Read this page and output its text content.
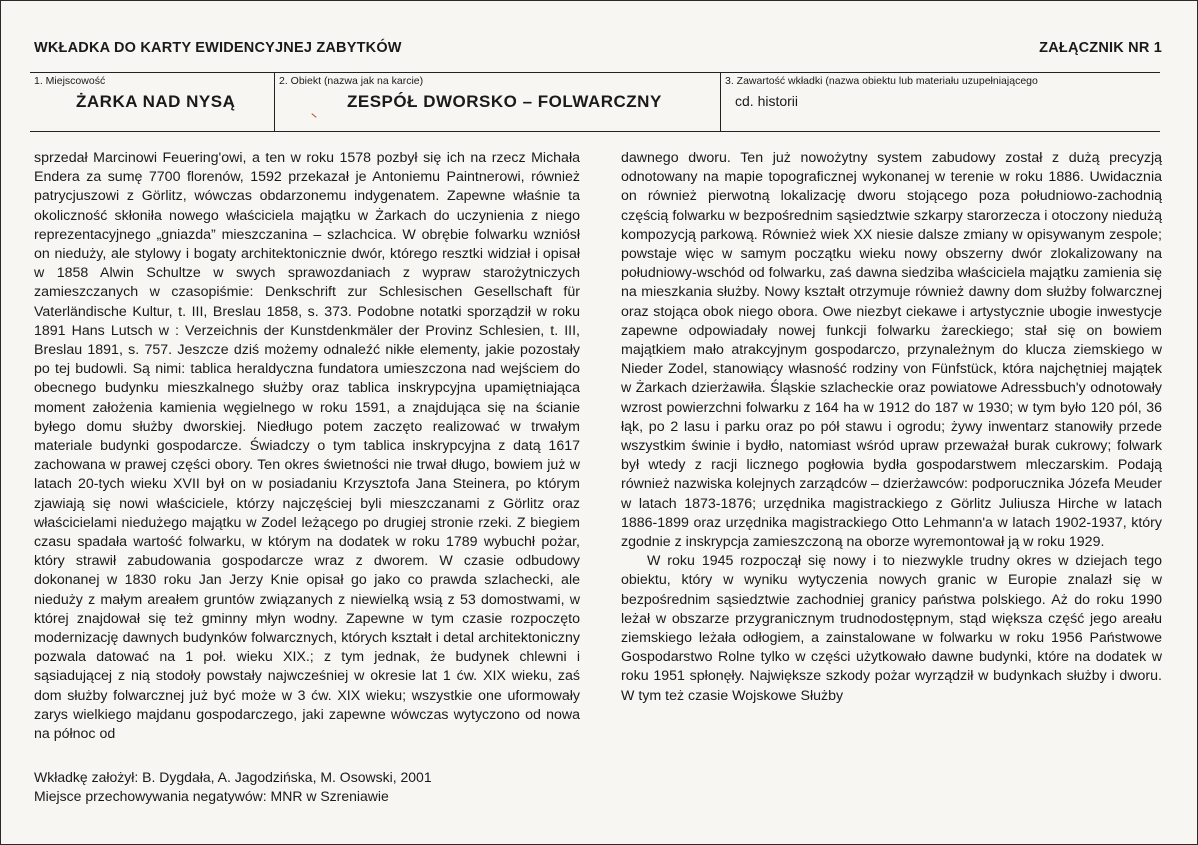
WKŁADKA DO KARTY EWIDENCYJNEJ ZABYTKÓW	ZAŁĄCZNIK NR 1
1. Miejscowość
ŻARKA NAD NYSĄ
2. Obiekt (nazwa jak na karcie)
ZESPÓŁ DWORSKO – FOLWARCZNY
3. Zawartość wkładki (nazwa obiektu lub materiału uzupełniającego
cd. historii

sprzedał Marcinowi Feuering'owi, a ten w roku 1578 pozbył się ich na rzecz Michała Endera za sumę 7700 florenów, 1592 przekazał je Antoniemu Paintnerowi, również patrycjuszowi z Görlitz, wówczas obdarzonemu indygenatem. Zapewne właśnie ta okoliczność skłoniła nowego właściciela majątku w Żarkach do uczynienia z niego reprezentacyjnego „gniazda” mieszczanina – szlachcica. W obrębie folwarku wzniósł on nieduży, ale stylowy i bogaty architektonicznie dwór, którego resztki widział i opisał w 1858 Alwin Schultze w swych sprawozdaniach z wypraw starożytniczych zamieszczanych w czasopiśmie: Denkschrift zur Schlesischen Gesellschaft für Vaterländische Kultur, t. III, Breslau 1858, s. 373. Podobne notatki sporządził w roku 1891 Hans Lutsch w : Verzeichnis der Kunstdenkmäler der Provinz Schlesien, t. III, Breslau 1891, s. 757. Jeszcze dziś możemy odnaleźć nikłe elementy, jakie pozostały po tej budowli. Są nimi: tablica heraldyczna fundatora umieszczona nad wejściem do obecnego budynku mieszkalnego służby oraz tablica inskrypcyjna upamiętniająca moment założenia kamienia węgielnego w roku 1591, a znajdująca się na ścianie byłego domu służby dworskiej. Niedługo potem zaczęto realizować w trwałym materiale budynki gospodarcze. Świadczy o tym tablica inskrypcyjna z datą 1617 zachowana w prawej części obory. Ten okres świetności nie trwał długo, bowiem już w latach 20-tych wieku XVII był on w posiadaniu Krzysztofa Jana Steinera, po którym zjawiają się nowi właściciele, którzy najczęściej byli mieszczanami z Görlitz oraz właścicielami niedużego majątku w Zodel leżącego po drugiej stronie rzeki. Z biegiem czasu spadała wartość folwarku, w którym na dodatek w roku 1789 wybuchł pożar, który strawił zabudowania gospodarcze wraz z dworem. W czasie odbudowy dokonanej w 1830 roku Jan Jerzy Knie opisał go jako co prawda szlachecki, ale nieduży z małym areałem gruntów związanych z niewielką wsią z 53 domostwami, w której znajdował się też gminny młyn wodny. Zapewne w tym czasie rozpoczęto modernizację dawnych budynków folwarcznych, których kształt i detal architektoniczny pozwala datować na 1 poł. wieku XIX.; z tym jednak, że budynek chlewni i sąsiadującej z nią stodoły powstały najwcześniej w okresie lat 1 ćw. XIX wieku, zaś dom służby folwarcznej już być może w 3 ćw. XIX wieku; wszystkie one uformowały zarys wielkiego majdanu gospodarczego, jaki zapewne wówczas wytyczono od nowa na północ od

dawnego dworu. Ten już nowożytny system zabudowy został z dużą precyzją odnotowany na mapie topograficznej wykonanej w terenie w roku 1886. Uwidacznia on również pierwotną lokalizację dworu stojącego poza południowo-zachodnią częścią folwarku w bezpośrednim sąsiedztwie szkarpy starorzecza i otoczony niedużą kompozycją parkową. Również wiek XX niesie dalsze zmiany w opisywanym zespole; powstaje więc w samym początku wieku nowy obszerny dwór zlokalizowany na południowy-wschód od folwarku, zaś dawna siedziba właściciela majątku zamienia się na mieszkania służby. Nowy kształt otrzymuje również dawny dom służby folwarcznej oraz stojąca obok niego obora. Owe niezbyt ciekawe i artystycznie ubogie inwestycje zapewne odpowiadały nowej funkcji folwarku żareckiego; stał się on bowiem majątkiem mało atrakcyjnym gospodarczo, przynależnym do klucza ziemskiego w Nieder Zodel, stanowiący własność rodziny von Fünfstück, która najchętniej majątek w Żarkach dzierżawiła. Śląskie szlacheckie oraz powiatowe Adressbuch'y odnotowały wzrost powierzchni folwarku z 164 ha w 1912 do 187 w 1930; w tym było 120 pól, 36 łąk, po 2 lasu i parku oraz po pół stawu i ogrodu; żywy inwentarz stanowiły przede wszystkim świnie i bydło, natomiast wśród upraw przeważał burak cukrowy; folwark był wtedy z racji licznego pogłowia bydła gospodarstwem mleczarskim. Podają również nazwiska kolejnych zarządców – dzierżawców: podporucznika Józefa Meuder w latach 1873-1876; urzędnika magistrackiego z Görlitz Juliusza Hirche w latach 1886-1899 oraz urzędnika magistrackiego Otto Lehmann'a w latach 1902-1937, który zgodnie z inskrypcja zamieszczoną na oborze wyremontował ją w roku 1929.

W roku 1945 rozpoczął się nowy i to niezwykle trudny okres w dziejach tego obiektu, który w wyniku wytyczenia nowych granic w Europie znalazł się w bezpośrednim sąsiedztwie zachodniej granicy państwa polskiego. Aż do roku 1990 leżał w obszarze przygranicznym trudnodostępnym, stąd większa część jego areału ziemskiego leżała odłogiem, a zainstalowane w folwarku w roku 1956 Państwowe Gospodarstwo Rolne tylko w części użytkowało dawne budynki, które na dodatek w roku 1951 spłonęły. Największe szkody pożar wyrządził w budynkach służby i dworu. W tym też czasie Wojskowe Służby

Wkładkę założył: B. Dygdała, A. Jagodzińska, M. Osowski, 2001
Miejsce przechowywania negatywów: MNR w Szreniawie
